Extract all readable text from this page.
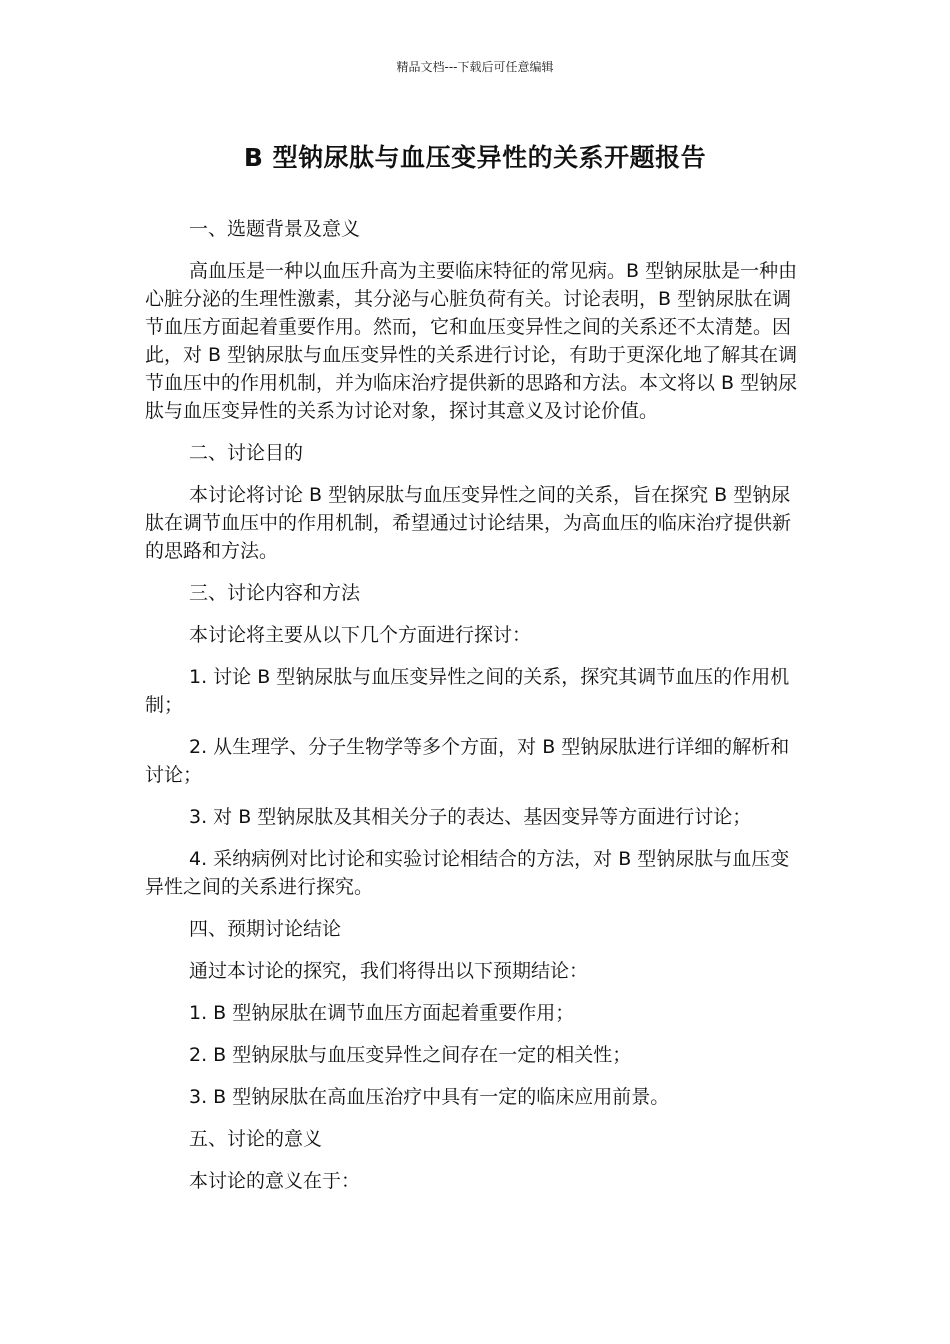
精品文档---下载后可任意编辑
B 型钠尿肽与血压变异性的关系开题报告

一、选题背景及意义

高血压是一种以血压升高为主要临床特征的常见病。B 型钠尿肽是一种由心脏分泌的生理性激素，其分泌与心脏负荷有关。讨论表明，B 型钠尿肽在调节血压方面起着重要作用。然而，它和血压变异性之间的关系还不太清楚。因此，对 B 型钠尿肽与血压变异性的关系进行讨论，有助于更深化地了解其在调节血压中的作用机制，并为临床治疗提供新的思路和方法。本文将以 B 型钠尿肽与血压变异性的关系为讨论对象，探讨其意义及讨论价值。

二、讨论目的

本讨论将讨论 B 型钠尿肽与血压变异性之间的关系，旨在探究 B 型钠尿肽在调节血压中的作用机制，希望通过讨论结果，为高血压的临床治疗提供新的思路和方法。

三、讨论内容和方法

本讨论将主要从以下几个方面进行探讨：

1. 讨论 B 型钠尿肽与血压变异性之间的关系，探究其调节血压的作用机制；

2. 从生理学、分子生物学等多个方面，对 B 型钠尿肽进行详细的解析和讨论；

3. 对 B 型钠尿肽及其相关分子的表达、基因变异等方面进行讨论；

4. 采纳病例对比讨论和实验讨论相结合的方法，对 B 型钠尿肽与血压变异性之间的关系进行探究。

四、预期讨论结论

通过本讨论的探究，我们将得出以下预期结论：

1. B 型钠尿肽在调节血压方面起着重要作用；

2. B 型钠尿肽与血压变异性之间存在一定的相关性；

3. B 型钠尿肽在高血压治疗中具有一定的临床应用前景。

五、讨论的意义

本讨论的意义在于：
